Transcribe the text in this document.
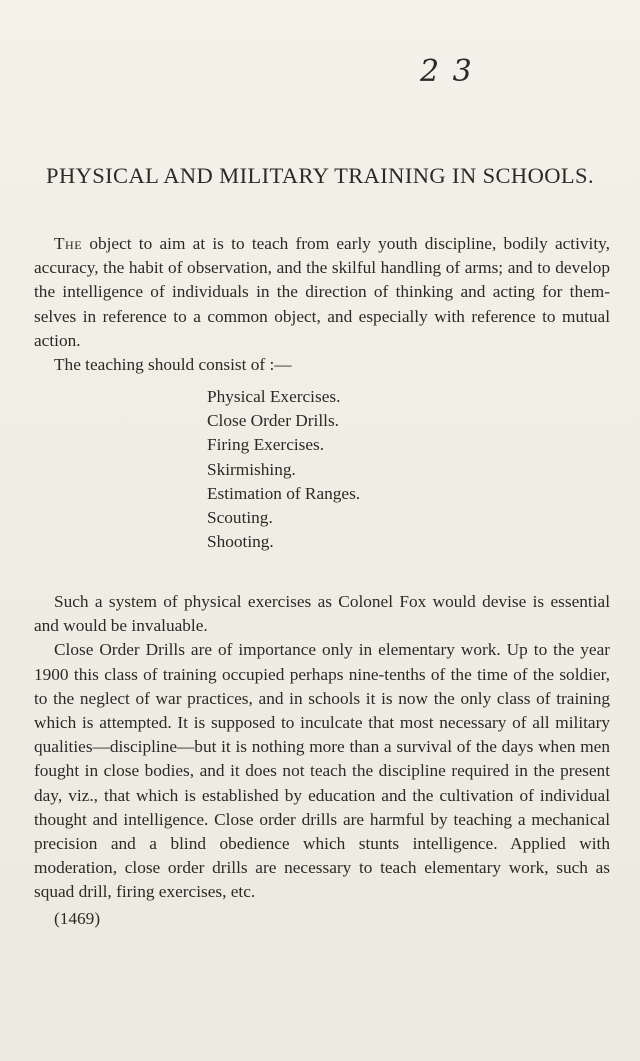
2 3
PHYSICAL AND MILITARY TRAINING IN SCHOOLS.

The object to aim at is to teach from early youth discipline, bodily activity, accuracy, the habit of observation, and the skilful handling of arms; and to develop the intelligence of individuals in the direction of thinking and acting for them-selves in reference to a common object, and especially with reference to mutual action.

The teaching should consist of :—

Physical Exercises.
Close Order Drills.
Firing Exercises.
Skirmishing.
Estimation of Ranges.
Scouting.
Shooting.

Such a system of physical exercises as Colonel Fox would devise is essential and would be invaluable.

Close Order Drills are of importance only in elementary work. Up to the year 1900 this class of training occupied perhaps nine-tenths of the time of the soldier, to the neglect of war practices, and in schools it is now the only class of training which is attempted. It is supposed to inculcate that most necessary of all military qualities—discipline—but it is nothing more than a survival of the days when men fought in close bodies, and it does not teach the discipline required in the present day, viz., that which is established by education and the cultivation of individual thought and intelligence. Close order drills are harmful by teaching a mechanical precision and a blind obedience which stunts intelligence. Applied with moderation, close order drills are necessary to teach elementary work, such as squad drill, firing exercises, etc.

(1469)
